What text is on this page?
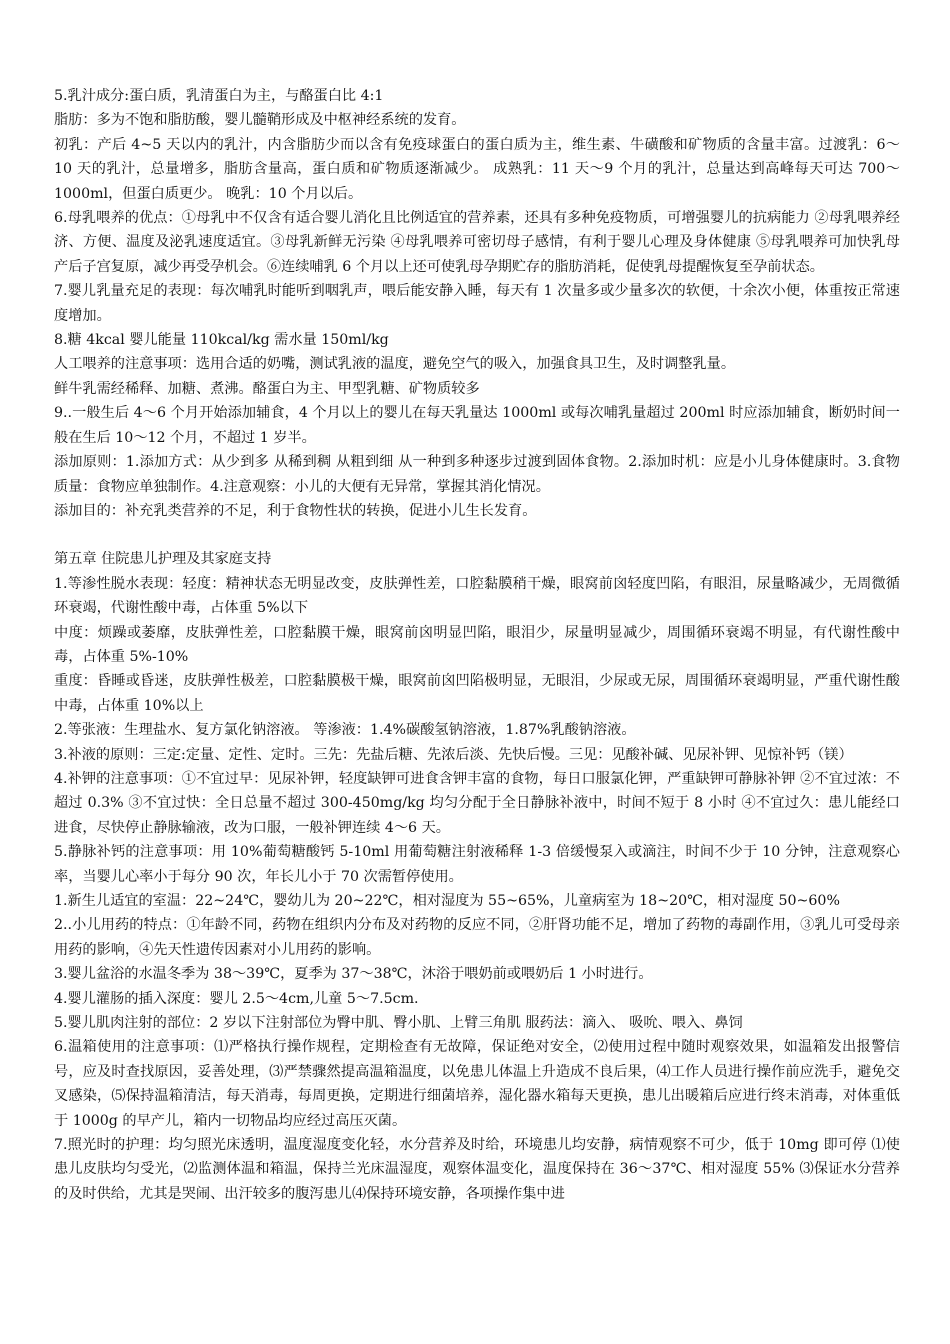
5.乳汁成分:蛋白质，乳清蛋白为主，与酪蛋白比 4:1

脂肪：多为不饱和脂肪酸，婴儿髓鞘形成及中枢神经系统的发育。

初乳：产后 4~5 天以内的乳汁，内含脂肪少而以含有免疫球蛋白的蛋白质为主，维生素、牛磺酸和矿物质的含量丰富。过渡乳：6～10 天的乳汁，总量增多，脂肪含量高，蛋白质和矿物质逐渐减少。 成熟乳：11 天～9 个月的乳汁，总量达到高峰每天可达 700～1000ml，但蛋白质更少。 晚乳：10 个月以后。

6.母乳喂养的优点：①母乳中不仅含有适合婴儿消化且比例适宜的营养素，还具有多种免疫物质，可增强婴儿的抗病能力 ②母乳喂养经济、方便、温度及泌乳速度适宜。③母乳新鲜无污染 ④母乳喂养可密切母子感情，有利于婴儿心理及身体健康 ⑤母乳喂养可加快乳母产后子宫复原，减少再受孕机会。⑥连续哺乳 6 个月以上还可使乳母孕期贮存的脂肪消耗，促使乳母提醒恢复至孕前状态。

7.婴儿乳量充足的表现：每次哺乳时能听到咽乳声，喂后能安静入睡，每天有 1 次量多或少量多次的软便，十余次小便，体重按正常速度增加。

8.糖 4kcal 婴儿能量 110kcal/kg 需水量 150ml/kg

人工喂养的注意事项：选用合适的奶嘴，测试乳液的温度，避免空气的吸入，加强食具卫生，及时调整乳量。

鲜牛乳需经稀释、加糖、煮沸。酪蛋白为主、甲型乳糖、矿物质较多

9..一般生后 4～6 个月开始添加辅食，4 个月以上的婴儿在每天乳量达 1000ml 或每次哺乳量超过 200ml 时应添加辅食，断奶时间一般在生后 10～12 个月，不超过 1 岁半。

添加原则：1.添加方式：从少到多 从稀到稠 从粗到细 从一种到多种逐步过渡到固体食物。2.添加时机：应是小儿身体健康时。3.食物质量：食物应单独制作。4.注意观察：小儿的大便有无异常，掌握其消化情况。

添加目的：补充乳类营养的不足，利于食物性状的转换，促进小儿生长发育。

第五章 住院患儿护理及其家庭支持

1.等渗性脱水表现：轻度：精神状态无明显改变，皮肤弹性差，口腔黏膜稍干燥，眼窝前囟轻度凹陷，有眼泪，尿量略减少，无周微循环衰竭，代谢性酸中毒，占体重 5%以下

中度：烦躁或萎靡，皮肤弹性差，口腔黏膜干燥，眼窝前囟明显凹陷，眼泪少，尿量明显减少，周围循环衰竭不明显，有代谢性酸中毒，占体重 5%-10%

重度：昏睡或昏迷，皮肤弹性极差，口腔黏膜极干燥，眼窝前囟凹陷极明显，无眼泪，少尿或无尿，周围循环衰竭明显，严重代谢性酸中毒，占体重 10%以上

2.等张液：生理盐水、复方氯化钠溶液。 等渗液：1.4%碳酸氢钠溶液，1.87%乳酸钠溶液。

3.补液的原则：三定:定量、定性、定时。三先：先盐后糖、先浓后淡、先快后慢。三见：见酸补碱、见尿补钾、见惊补钙（镁）

4.补钾的注意事项：①不宜过早：见尿补钾，轻度缺钾可进食含钾丰富的食物，每日口服氯化钾，严重缺钾可静脉补钾 ②不宜过浓：不超过 0.3% ③不宜过快：全日总量不超过 300-450mg/kg 均匀分配于全日静脉补液中，时间不短于 8 小时 ④不宜过久：患儿能经口进食，尽快停止静脉输液，改为口服，一般补钾连续 4～6 天。

5.静脉补钙的注意事项：用 10%葡萄糖酸钙 5-10ml 用葡萄糖注射液稀释 1-3 倍缓慢泵入或滴注，时间不少于 10 分钟，注意观察心率，当婴儿心率小于每分 90 次，年长儿小于 70 次需暂停使用。

1.新生儿适宜的室温：22~24℃，婴幼儿为 20~22℃，相对湿度为 55~65%，儿童病室为 18~20℃，相对湿度 50~60%

2..小儿用药的特点：①年龄不同，药物在组织内分布及对药物的反应不同，②肝肾功能不足，增加了药物的毒副作用，③乳儿可受母亲用药的影响，④先天性遗传因素对小儿用药的影响。

3.婴儿盆浴的水温冬季为 38～39℃，夏季为 37～38℃，沐浴于喂奶前或喂奶后 1 小时进行。

4.婴儿灌肠的插入深度：婴儿 2.5～4cm,儿童 5～7.5cm.

5.婴儿肌肉注射的部位：2 岁以下注射部位为臀中肌、臀小肌、上臂三角肌 服药法：滴入、 吸吮、喂入、鼻饲

6.温箱使用的注意事项：⑴严格执行操作规程，定期检查有无故障，保证绝对安全，⑵使用过程中随时观察效果，如温箱发出报警信号，应及时查找原因，妥善处理，⑶严禁骤然提高温箱温度，以免患儿体温上升造成不良后果，⑷工作人员进行操作前应洗手，避免交叉感染，⑸保持温箱清洁，每天消毒，每周更换，定期进行细菌培养，湿化器水箱每天更换，患儿出暖箱后应进行终末消毒，对体重低于 1000g 的早产儿，箱内一切物品均应经过高压灭菌。

7.照光时的护理：均匀照光床透明，温度湿度变化轻，水分营养及时给，环境患儿均安静，病情观察不可少，低于 10mg 即可停 ⑴使患儿皮肤均匀受光，⑵监测体温和箱温，保持兰光床温湿度，观察体温变化，温度保持在 36～37℃、相对湿度 55% ⑶保证水分营养的及时供给，尤其是哭闹、出汗较多的腹泻患儿⑷保持环境安静，各项操作集中进
